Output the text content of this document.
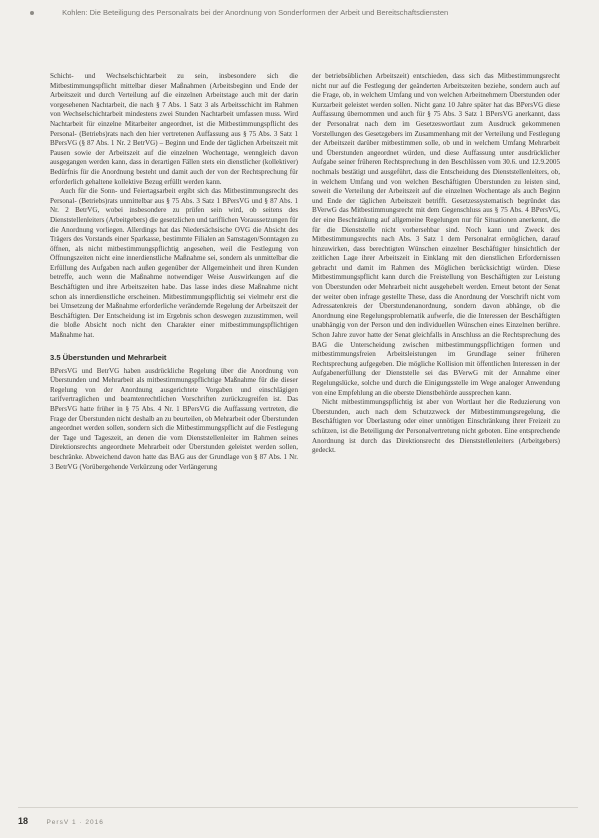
Kohlen: Die Beteiligung des Personalrats bei der Anordnung von Sonderformen der Arbeit und Bereitschaftsdiensten

Schicht- und Wechselschichtarbeit zu sein, insbesondere sich die Mitbestimmungspflicht mittelbar dieser Maßnahmen (Arbeitsbeginn und Ende der Arbeitszeit und durch Verteilung auf die einzelnen Arbeitstage auch mit der darin vorgesehenen Nachtarbeit, die nach § 7 Abs. 1 Satz 3 als Arbeitsschicht im Rahmen von Wechselschichtarbeit mindestens zwei Stunden Nachtarbeit umfassen muss. Wird Nachtarbeit für einzelne Mitarbeiter angeordnet, ist die Mitbestimmungspflicht des Personal- (Betriebs)rats nach den hier vertretenen Auffassung aus § 75 Abs. 3 Satz 1 BPersVG (§ 87 Abs. 1 Nr. 2 BetrVG) – Beginn und Ende der täglichen Arbeitszeit mit Pausen sowie der Arbeitszeit auf die einzelnen Wochentage, wenngleich davon ausgegangen werden kann, dass in derartigen Fällen stets ein dienstlicher (kollektiver) Bedürfnis für die Anordnung besteht und damit auch der von der Rechtsprechung für erforderlich gehaltene kollektive Bezug erfüllt werden kann.

Auch für die Sonn- und Feiertagsarbeit ergibt sich das Mitbestimmungsrecht des Personal- (Betriebs)rats unmittelbar aus § 75 Abs. 3 Satz 1 BPersVG und § 87 Abs. 1 Nr. 2 BetrVG, wobei insbesondere zu prüfen sein wird, ob seitens des Dienststellenleiters (Arbeitgebers) die gesetzlichen und tariflichen Voraussetzungen für die Anordnung vorliegen. Allerdings hat das Niedersächsische OVG die Absicht des Trägers des Vorstands einer Sparkasse, bestimmte Filialen an Samstagen/Sonntagen zu öffnen, als nicht mitbestimmungspflichtig angesehen, weil die Festlegung von Öffnungszeiten nicht eine innerdienstliche Maßnahme sei, sondern als unmittelbar die Erfüllung des Aufgaben nach außen gegenüber der Allgemeinheit und ihren Kunden betreffe, auch wenn die Maßnahme notwendiger Weise Auswirkungen auf die Beschäftigten und ihre Arbeitszeiten habe. Das lasse indes diese Maßnahme nicht schon als innerdienstliche erscheinen. Mitbestimmungspflichtig sei vielmehr erst die bei Umsetzung der Maßnahme erforderliche verändernde Regelung der Arbeitszeit der Beschäftigten. Der Entscheidung ist im Ergebnis schon deswegen zuzustimmen, weil die bloße Absicht noch nicht den Charakter einer mitbestimmungspflichtigen Maßnahme hat.

3.5 Überstunden und Mehrarbeit

BPersVG und BetrVG haben ausdrückliche Regelung über die Anordnung von Überstunden und Mehrarbeit als mitbestimmungspflichtige Maßnahme für die dieser Regelung von der Anordnung ausgerichtete Vorgaben und einschlägigen tarifvertraglichen und beamtenrechtlichen Vorschriften zurückzugreifen ist. Das BPersVG hatte früher in § 75 Abs. 4 Nr. 1 BPersVG die Auffassung vertreten, die Frage der Überstunden nicht deshalb an zu beurteilen, ob Mehrarbeit oder Überstunden angeordnet werden sollen, sondern sich die Mitbestimmungspflicht auf die Festlegung der Tage und Tageszeit, an denen die vom Dienststellenleiter im Rahmen seines Direktionsrechts angeordnete Mehrarbeit oder Überstunden geleistet werden sollen, beschränke. Abweichend davon hatte das BAG aus der Grundlage von § 87 Abs. 1 Nr. 3 BetrVG (Vorübergehende Verkürzung oder Verlängerung

der betriebsüblichen Arbeitszeit) entschieden, dass sich das Mitbestimmungsrecht nicht nur auf die Festlegung der geänderten Arbeitszeiten beziehe, sondern auch auf die Frage, ob, in welchem Umfang und von welchen Arbeitnehmern Überstunden oder Kurzarbeit geleistet werden sollen. Nicht ganz 10 Jahre später hat das BPersVG diese Auffassung übernommen und auch für § 75 Abs. 3 Satz 1 BPersVG anerkannt, dass der Personalrat nach dem im Gesetzeswortlaut zum Ausdruck gekommenen Vorstellungen des Gesetzgebers im Zusammenhang mit der Verteilung und Festlegung der Arbeitszeit darüber mitbestimmen solle, ob und in welchem Umfang Mehrarbeit und Überstunden angeordnet würden, und diese Auffassung unter ausdrücklicher Aufgabe seiner früheren Rechtsprechung in den Beschlüssen vom 30.6. und 12.9.2005 nochmals bestätigt und ausgeführt, dass die Entscheidung des Dienststellenleiters, ob, in welchem Umfang und von welchen Beschäftigten Überstunden zu leisten sind, soweit die Verteilung der Arbeitszeit auf die einzelnen Wochentage als auch Beginn und Ende der täglichen Arbeitszeit betrifft. Gesetzessystematisch begründet das BVerwG das Mitbestimmungsrecht mit dem Gegenschluss aus § 75 Abs. 4 BPersVG, der eine Beschränkung auf allgemeine Regelungen nur für Situationen anerkennt, die für die Dienststelle nicht vorhersehbar sind. Noch kann und Zweck des Mitbestimmungsrechts nach Abs. 3 Satz 1 dem Personalrat ermöglichen, darauf hinzuwirken, dass berechtigten Wünschen einzelner Beschäftigter hinsichtlich der zeitlichen Lage ihrer Arbeitszeit in Einklang mit den dienstlichen Erfordernissen gebracht und damit im Rahmen des Möglichen berücksichtigt würden. Diese Mitbestimmungspflicht kann durch die Freistellung von Beschäftigten zur Leistung von Überstunden oder Mehrarbeit nicht ausgehebelt werden. Erneut betont der Senat der weiter oben infrage gestellte These, dass die Anordnung der Vorschrift nicht vom Adressatenkreis der Überstundenanordnung, sondern davon abhänge, ob die Anordnung eine Regelungsproblematik aufwerfe, die die Interessen der Beschäftigten unabhängig von der Person und den individuellen Wünschen eines Einzelnen berühre. Schon Jahre zuvor hatte der Senat gleichfalls in Anschluss an die Rechtsprechung des BAG die Unterscheidung zwischen mitbestimmungspflichtigen formen und mitbestimmungsfreien Arbeitsleistungen im Grundlage seiner früheren Rechtsprechung aufgegeben. Die mögliche Kollision mit öffentlichen Interessen in der Aufgabenerfüllung der Dienststelle sei das BVerwG mit der Annahme einer Regelungslücke, solche und durch die Einigungsstelle im Wege analoger Anwendung von eine Empfehlung an die oberste Dienstbehörde aussprechen kann.

Nicht mitbestimmungspflichtig ist aber von Wortlaut her die Reduzierung von Überstunden, auch nach dem Schutzzweck der Mitbestimmungsregelung, die Beschäftigten vor Überlastung oder einer unnötigen Einschränkung ihrer Freizeit zu schützen, ist die Beteiligung der Personalvertretung nicht geboten. Eine entsprechende Anordnung ist durch das Direktionsrecht des Dienststellenleiters (Arbeitgebers) gedeckt.

18	PersV 1 · 2016
